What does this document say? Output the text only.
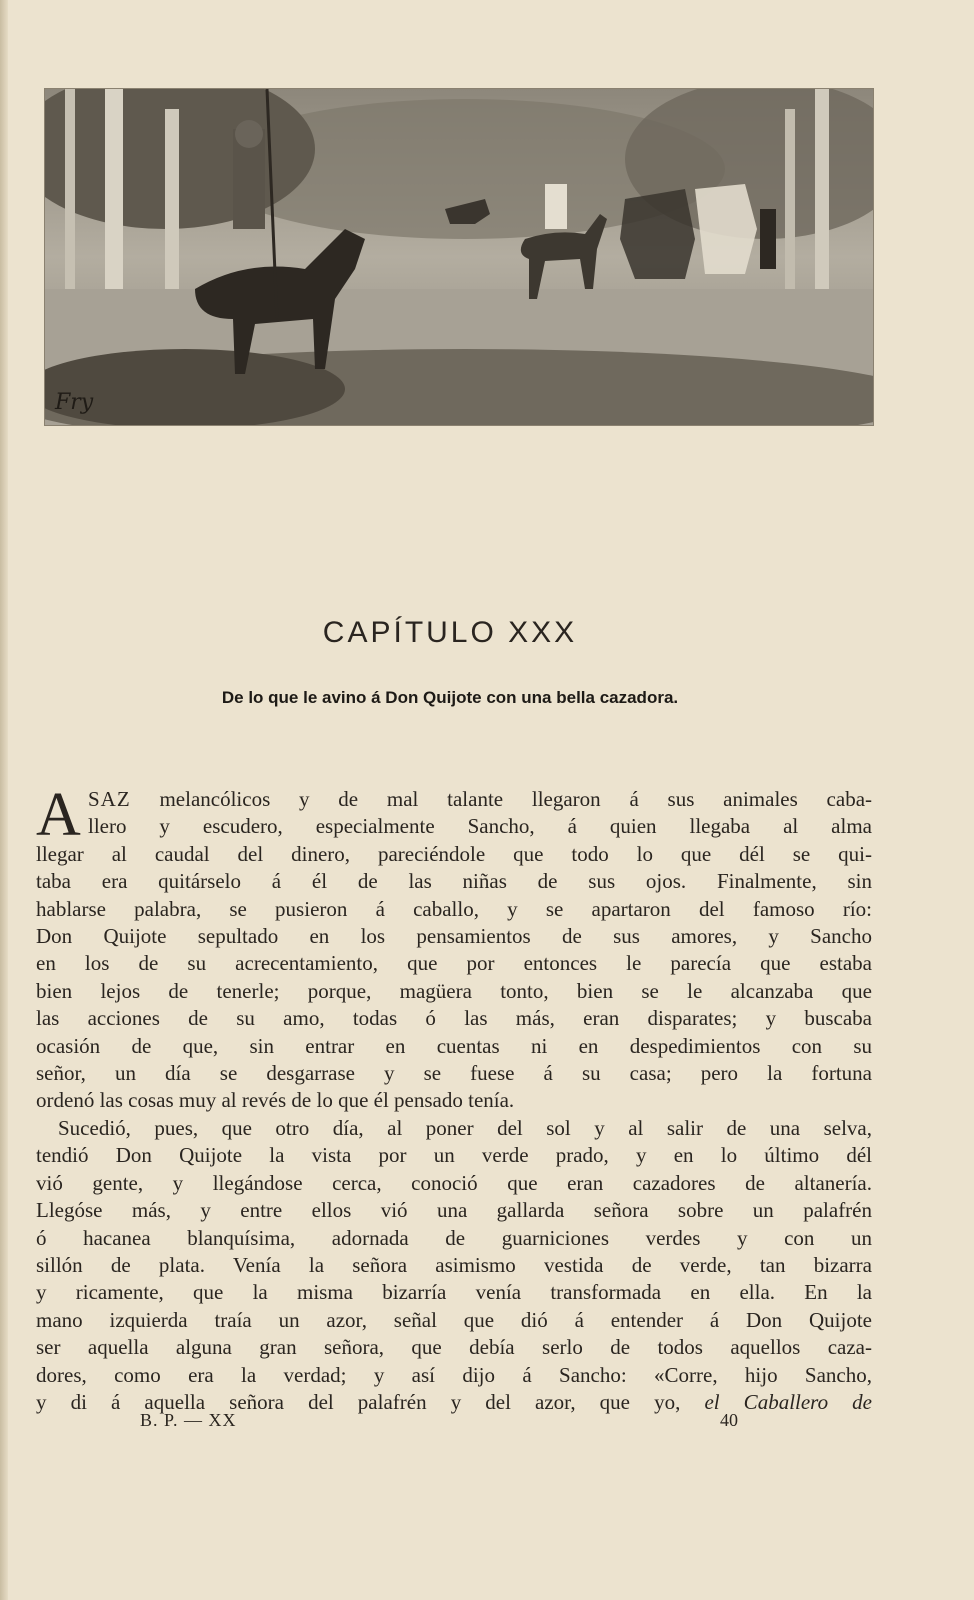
Fry
CAPÍTULO XXX
De lo que le avino á Don Quijote con una bella cazadora.
A SAZ melancólicos y de mal talante llegaron á sus animales caba-
llero y escudero, especialmente Sancho, á quien llegaba al alma
llegar al caudal del dinero, pareciéndole que todo lo que dél se qui-
taba era quitárselo á él de las niñas de sus ojos. Finalmente, sin
hablarse palabra, se pusieron á caballo, y se apartaron del famoso río:
Don Quijote sepultado en los pensamientos de sus amores, y Sancho
en los de su acrecentamiento, que por entonces le parecía que estaba
bien lejos de tenerle; porque, magüera tonto, bien se le alcanzaba que
las acciones de su amo, todas ó las más, eran disparates; y buscaba
ocasión de que, sin entrar en cuentas ni en despedimientos con su
señor, un día se desgarrase y se fuese á su casa; pero la fortuna
ordenó las cosas muy al revés de lo que él pensado tenía.
Sucedió, pues, que otro día, al poner del sol y al salir de una selva,
tendió Don Quijote la vista por un verde prado, y en lo último dél
vió gente, y llegándose cerca, conoció que eran cazadores de altanería.
Llegóse más, y entre ellos vió una gallarda señora sobre un palafrén
ó hacanea blanquísima, adornada de guarniciones verdes y con un
sillón de plata. Venía la señora asimismo vestida de verde, tan bizarra
y ricamente, que la misma bizarría venía transformada en ella. En la
mano izquierda traía un azor, señal que dió á entender á Don Quijote
ser aquella alguna gran señora, que debía serlo de todos aquellos caza-
dores, como era la verdad; y así dijo á Sancho: «Corre, hijo Sancho,
y di á aquella señora del palafrén y del azor, que yo, el Caballero de
B. P. — XX	40
